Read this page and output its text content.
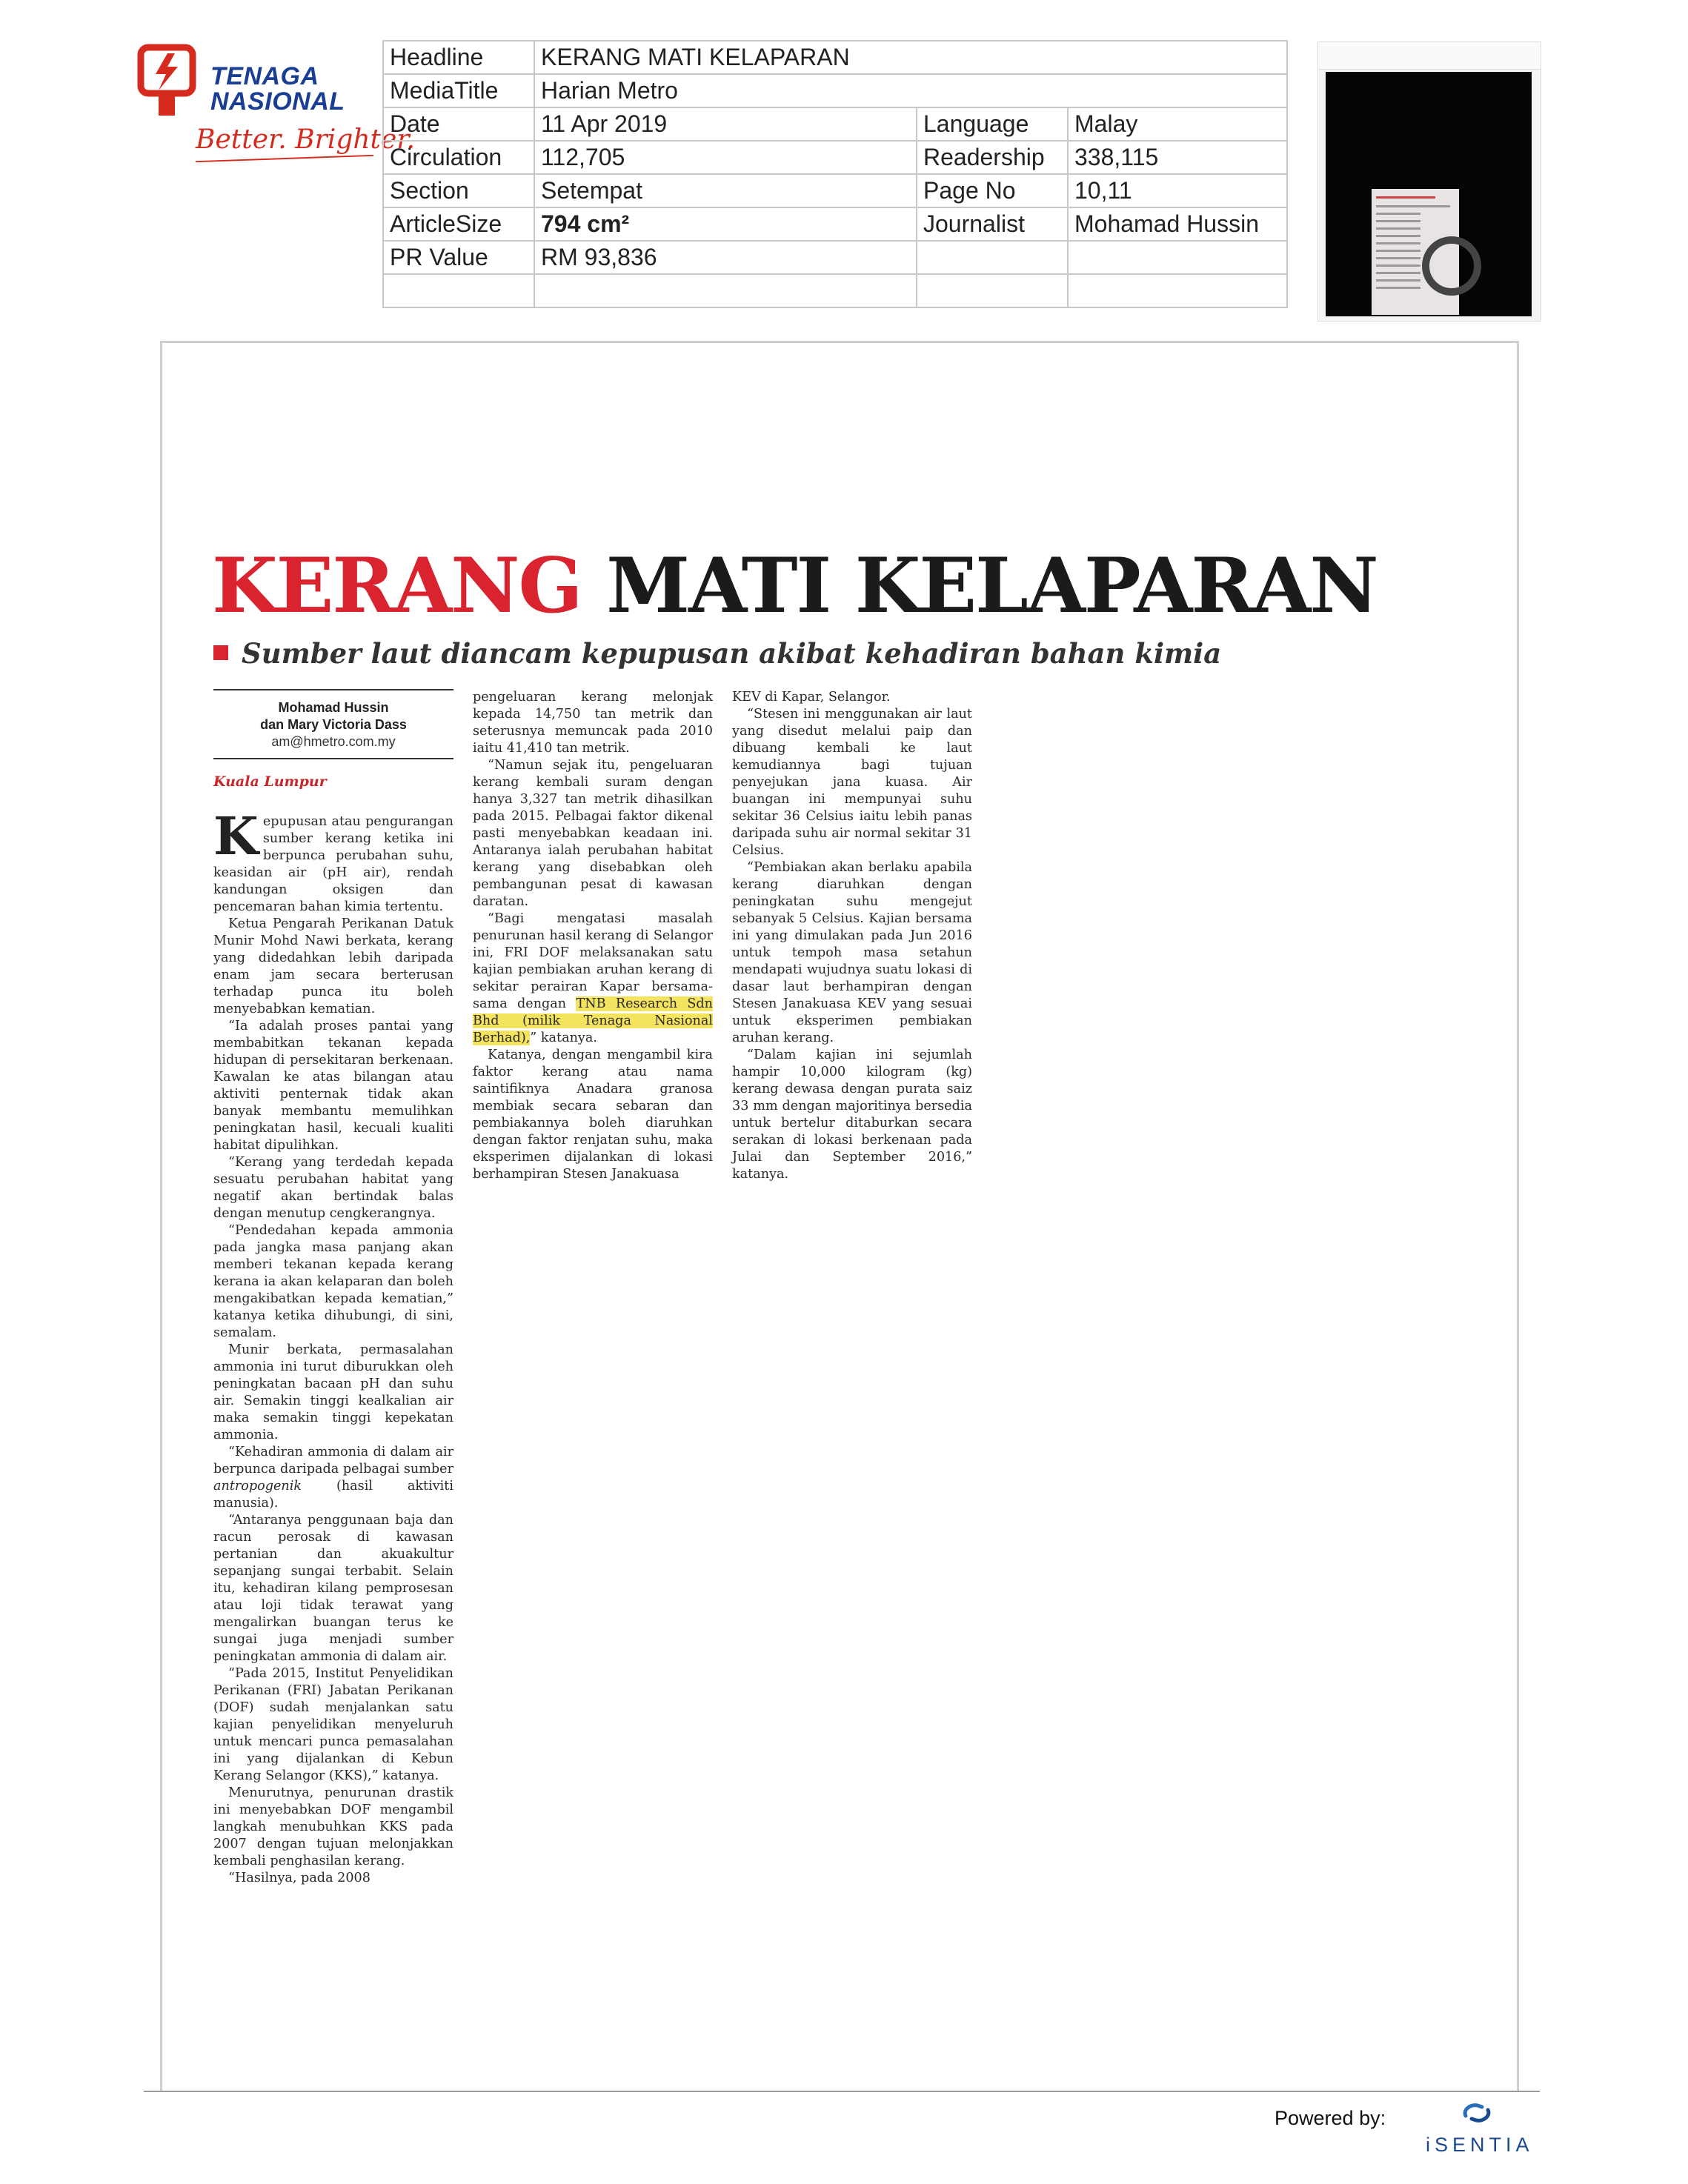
TENAGA
NASIONAL
Better. Brighter.
Headline	KERANG MATI KELAPARAN		
MediaTitle	Harian Metro		
Date	11 Apr 2019	Language	Malay
Circulation	112,705	Readership	338,115
Section	Setempat	Page No	10,11
ArticleSize	794 cm²	Journalist	Mohamad Hussin
PR Value	RM 93,836		

KERANG MATI KELAPARAN
Sumber laut diancam kepupusan akibat kehadiran bahan kimia
Mohamad Hussin
dan Mary Victoria Dass
am@hmetro.com.my
Kuala Lumpur

Kepupusan atau pengurangan sumber kerang ketika ini berpunca perubahan suhu, keasidan air (pH air), rendah kandungan oksigen dan pencemaran bahan kimia tertentu.

Ketua Pengarah Perikanan Datuk Munir Mohd Nawi berkata, kerang yang didedahkan lebih daripada enam jam secara berterusan terhadap punca itu boleh menyebabkan kematian.

“Ia adalah proses pantai yang membabitkan tekanan kepada hidupan di persekitaran berkenaan. Kawalan ke atas bilangan atau aktiviti penternak tidak akan banyak membantu memulihkan peningkatan hasil, kecuali kualiti habitat dipulihkan.

“Kerang yang terdedah kepada sesuatu perubahan habitat yang negatif akan bertindak balas dengan menutup cengkerangnya.

“Pendedahan kepada ammonia pada jangka masa panjang akan memberi tekanan kepada kerang kerana ia akan kelaparan dan boleh mengakibatkan kepada kematian,” katanya ketika dihubungi, di sini, semalam.

Munir berkata, permasalahan ammonia ini turut diburukkan oleh peningkatan bacaan pH dan suhu air. Semakin tinggi kealkalian air maka semakin tinggi kepekatan ammonia.

“Kehadiran ammonia di dalam air berpunca daripada pelbagai sumber antropogenik (hasil aktiviti manusia).

“Antaranya penggunaan baja dan racun perosak di kawasan pertanian dan akuakultur sepanjang sungai terbabit. Selain itu, kehadiran kilang pemprosesan atau loji tidak terawat yang mengalirkan buangan terus ke sungai juga menjadi sumber peningkatan ammonia di dalam air.

“Pada 2015, Institut Penyelidikan Perikanan (FRI) Jabatan Perikanan (DOF) sudah menjalankan satu kajian penyelidikan menyeluruh untuk mencari punca pemasalahan ini yang dijalankan di Kebun Kerang Selangor (KKS),” katanya.

Menurutnya, penurunan drastik ini menyebabkan DOF mengambil langkah menubuhkan KKS pada 2007 dengan tujuan melonjakkan kembali penghasilan kerang.

“Hasilnya, pada 2008

pengeluaran kerang melonjak kepada 14,750 tan metrik dan seterusnya memuncak pada 2010 iaitu 41,410 tan metrik.

“Namun sejak itu, pengeluaran kerang kembali suram dengan hanya 3,327 tan metrik dihasilkan pada 2015. Pelbagai faktor dikenal pasti menyebabkan keadaan ini. Antaranya ialah perubahan habitat kerang yang disebabkan oleh pembangunan pesat di kawasan daratan.

“Bagi mengatasi masalah penurunan hasil kerang di Selangor ini, FRI DOF melaksanakan satu kajian pembiakan aruhan kerang di sekitar perairan Kapar bersama-sama dengan TNB Research Sdn Bhd (milik Tenaga Nasional Berhad),” katanya.

Katanya, dengan mengambil kira faktor kerang atau nama saintifiknya Anadara granosa membiak secara sebaran dan pembiakannya boleh diaruhkan dengan faktor renjatan suhu, maka eksperimen dijalankan di lokasi berhampiran Stesen Janakuasa

KEV di Kapar, Selangor.

“Stesen ini menggunakan air laut yang disedut melalui paip dan dibuang kembali ke laut kemudiannya bagi tujuan penyejukan jana kuasa. Air buangan ini mempunyai suhu sekitar 36 Celsius iaitu lebih panas daripada suhu air normal sekitar 31 Celsius.

“Pembiakan akan berlaku apabila kerang diaruhkan dengan peningkatan suhu mengejut sebanyak 5 Celsius. Kajian bersama ini yang dimulakan pada Jun 2016 untuk tempoh masa setahun mendapati wujudnya suatu lokasi di dasar laut berhampiran dengan Stesen Janakuasa KEV yang sesuai untuk eksperimen pembiakan aruhan kerang.

“Dalam kajian ini sejumlah hampir 10,000 kilogram (kg) kerang dewasa dengan purata saiz 33 mm dengan majoritinya bersedia untuk bertelur ditaburkan secara serakan di lokasi berkenaan pada Julai dan September 2016,” katanya.

Powered by:
iSENTIA
